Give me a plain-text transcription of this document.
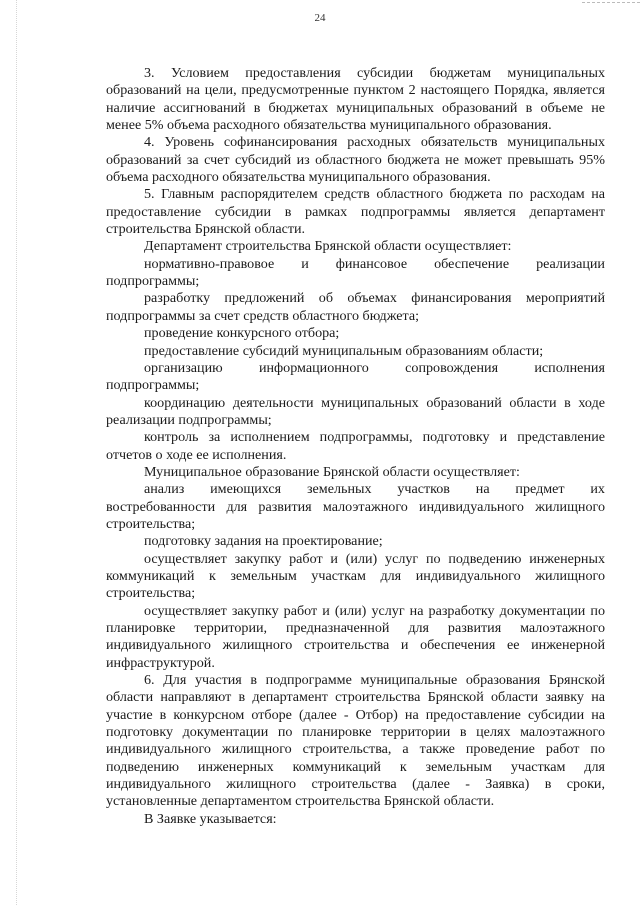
24

3. Условием предоставления субсидии бюджетам муниципальных образований на цели, предусмотренные пунктом 2 настоящего Порядка, является наличие ассигнований в бюджетах муниципальных образований в объеме не менее 5% объема расходного обязательства муниципального образования.

4. Уровень софинансирования расходных обязательств муниципальных образований за счет субсидий из областного бюджета не может превышать 95% объема расходного обязательства муниципального образования.

5. Главным распорядителем средств областного бюджета по расходам на предоставление субсидии в рамках подпрограммы является департамент строительства Брянской области.

Департамент строительства Брянской области осуществляет:

нормативно-правовое и финансовое обеспечение реализации

подпрограммы;

разработку предложений об объемах финансирования мероприятий подпрограммы за счет средств областного бюджета;

проведение конкурсного отбора;

предоставление субсидий муниципальным образованиям области;

организацию	информационного	сопровождения	исполнения

подпрограммы;

координацию деятельности муниципальных образований области в ходе реализации подпрограммы;

контроль за исполнением подпрограммы, подготовку и представление отчетов о ходе ее исполнения.

Муниципальное образование Брянской области осуществляет:

анализ имеющихся земельных участков на предмет их

востребованности для развития малоэтажного индивидуального жилищного строительства;

подготовку задания на проектирование;

осуществляет закупку работ и (или) услуг по подведению инженерных коммуникаций к земельным участкам для индивидуального жилищного строительства;

осуществляет закупку работ и (или) услуг на разработку документации по планировке территории, предназначенной для развития малоэтажного индивидуального жилищного строительства и обеспечения ее инженерной инфраструктурой.

6. Для участия в подпрограмме муниципальные образования Брянской области направляют в департамент строительства Брянской области заявку на участие в конкурсном отборе (далее - Отбор) на предоставление субсидии на подготовку документации по планировке территории в целях малоэтажного индивидуального жилищного строительства, а также проведение работ по подведению инженерных коммуникаций к земельным участкам для индивидуального жилищного строительства (далее - Заявка) в сроки, установленные департаментом строительства Брянской области.

В Заявке указывается:
